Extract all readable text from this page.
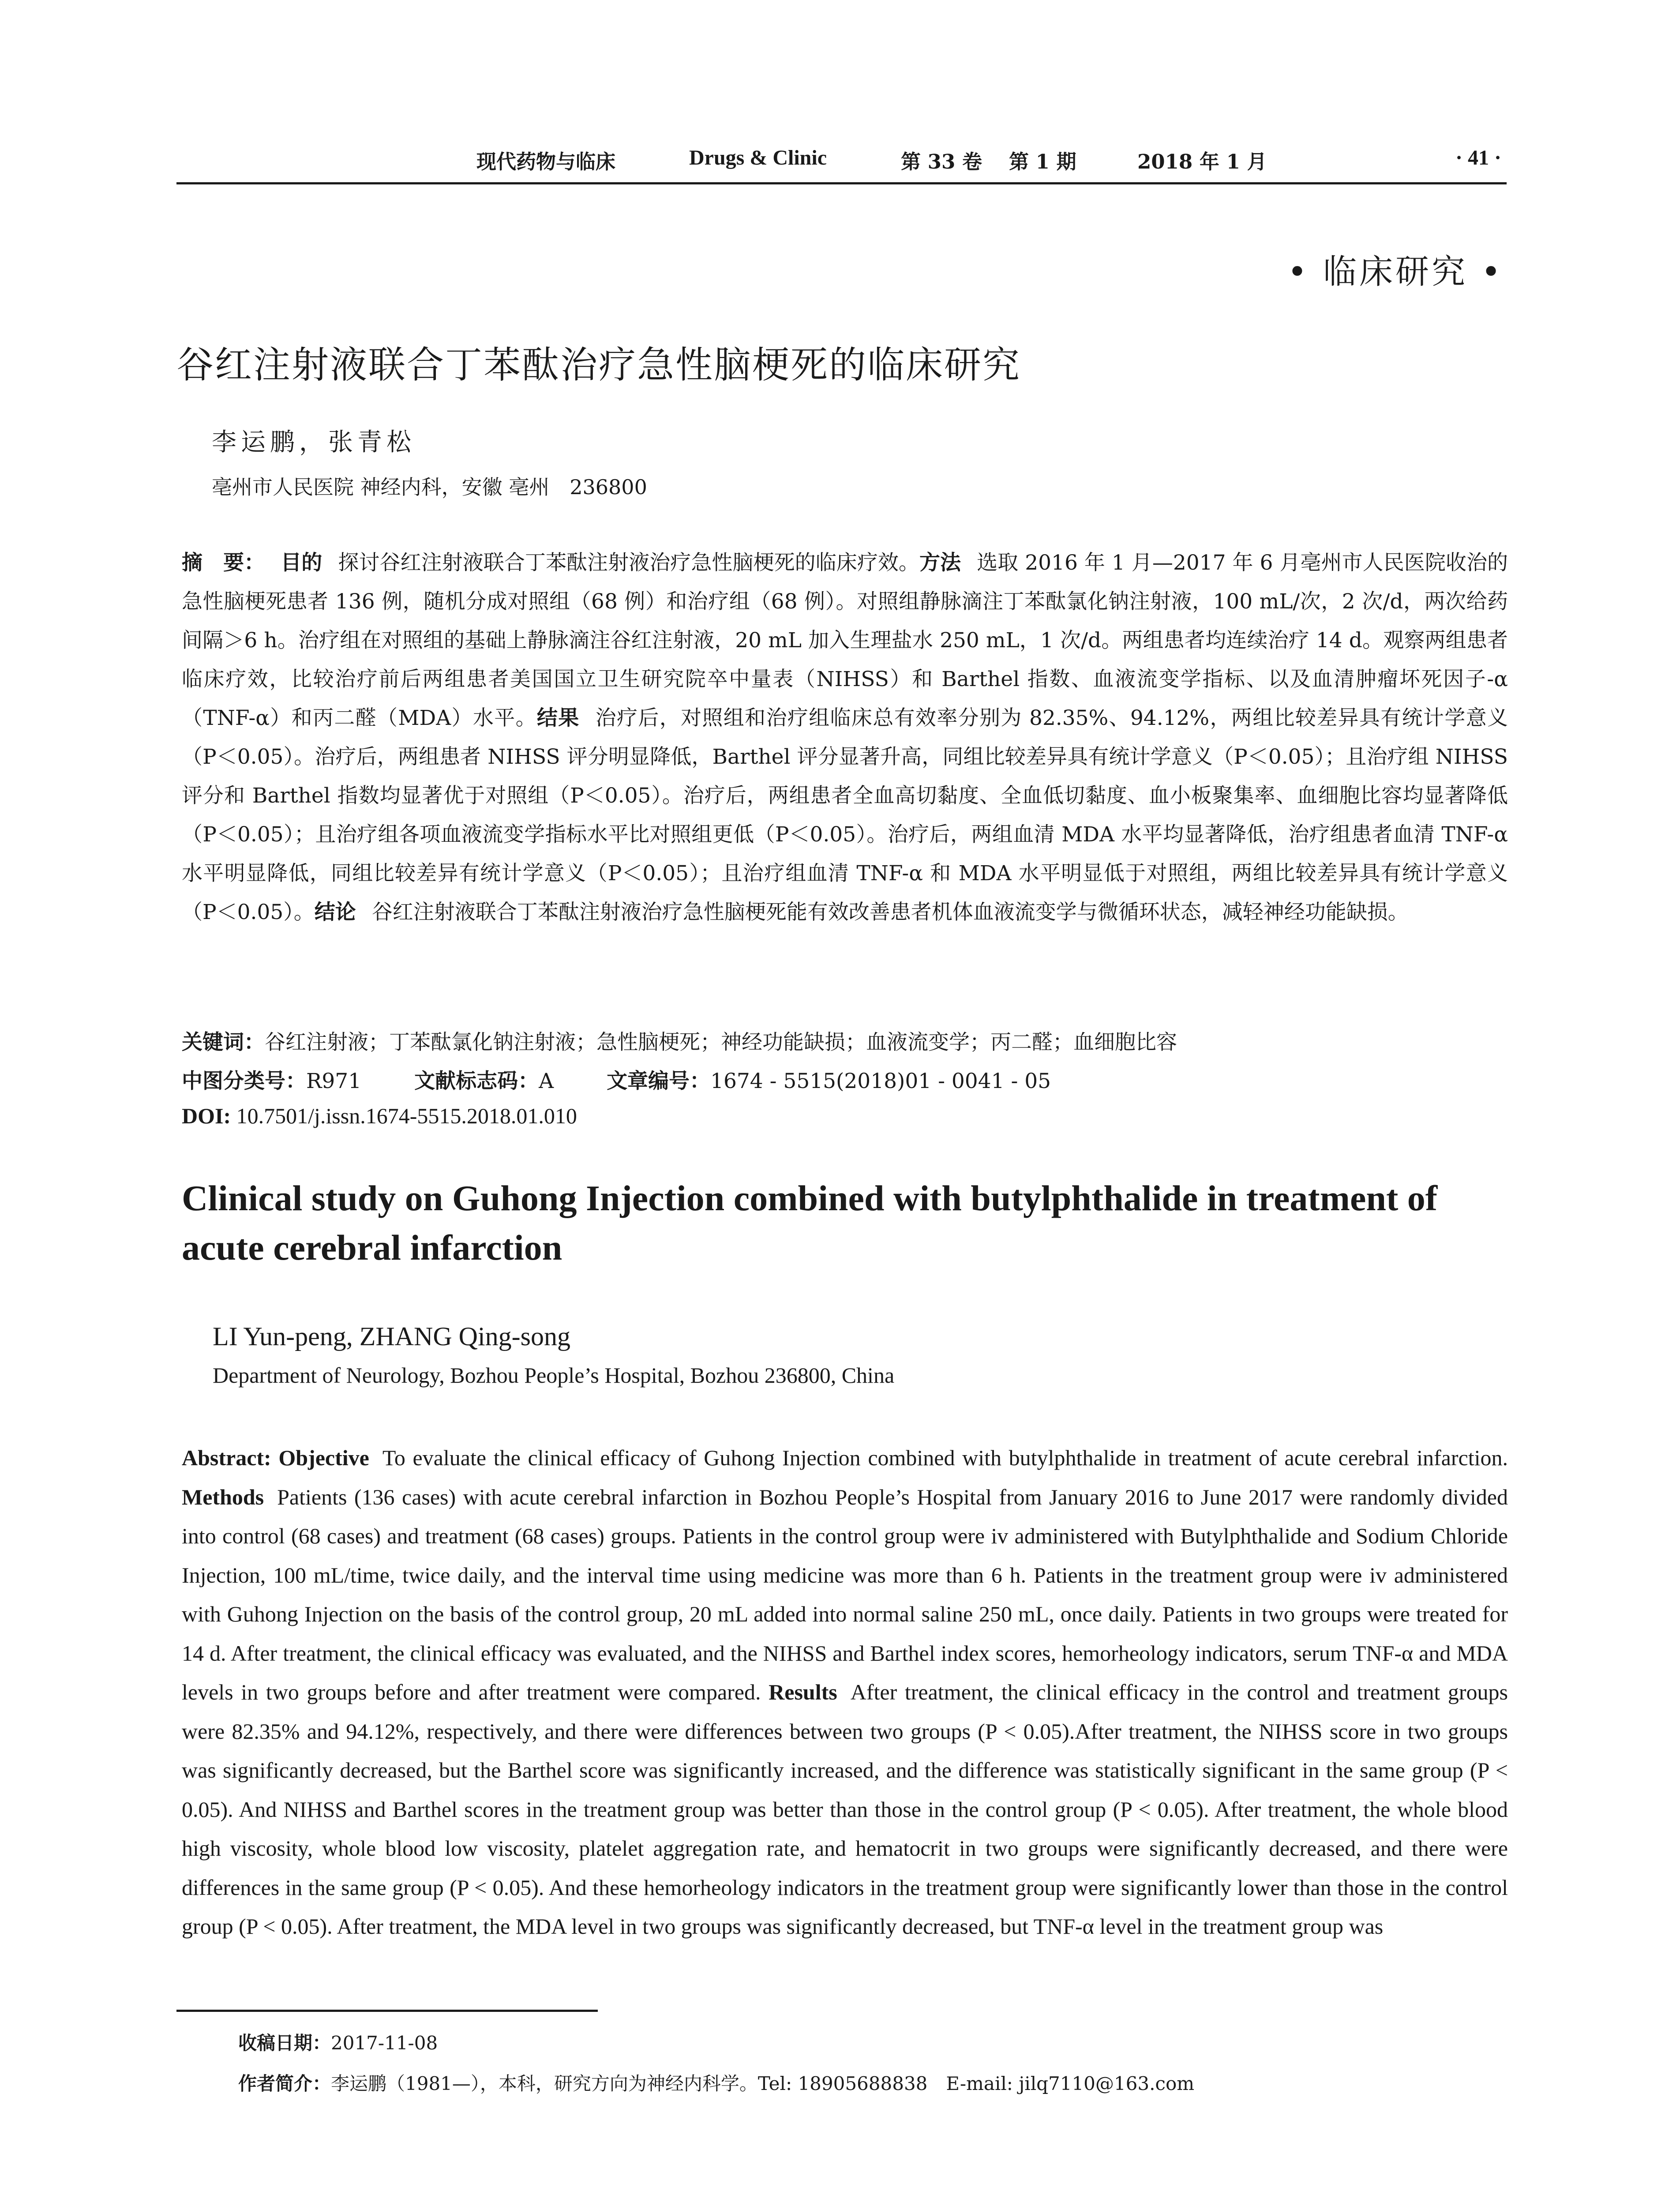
现代药物与临床	Drugs & Clinic	第 33 卷 第 1 期	2018 年 1 月	· 41 ·
• 临床研究 •
谷红注射液联合丁苯酞治疗急性脑梗死的临床研究
李运鹏，张青松
亳州市人民医院 神经内科，安徽 亳州　236800
摘　要： 目的 探讨谷红注射液联合丁苯酞注射液治疗急性脑梗死的临床疗效。方法 选取 2016 年 1 月—2017 年 6 月亳州市人民医院收治的急性脑梗死患者 136 例，随机分成对照组（68 例）和治疗组（68 例）。对照组静脉滴注丁苯酞氯化钠注射液，100 mL/次，2 次/d，两次给药间隔＞6 h。治疗组在对照组的基础上静脉滴注谷红注射液，20 mL 加入生理盐水 250 mL，1 次/d。两组患者均连续治疗 14 d。观察两组患者临床疗效，比较治疗前后两组患者美国国立卫生研究院卒中量表（NIHSS）和 Barthel 指数、血液流变学指标、以及血清肿瘤坏死因子-α（TNF-α）和丙二醛（MDA）水平。结果 治疗后，对照组和治疗组临床总有效率分别为 82.35%、94.12%，两组比较差异具有统计学意义（P＜0.05）。治疗后，两组患者 NIHSS 评分明显降低，Barthel 评分显著升高，同组比较差异具有统计学意义（P＜0.05）；且治疗组 NIHSS 评分和 Barthel 指数均显著优于对照组（P＜0.05）。治疗后，两组患者全血高切黏度、全血低切黏度、血小板聚集率、血细胞比容均显著降低（P＜0.05）；且治疗组各项血液流变学指标水平比对照组更低（P＜0.05）。治疗后，两组血清 MDA 水平均显著降低，治疗组患者血清 TNF-α 水平明显降低，同组比较差异有统计学意义（P＜0.05）；且治疗组血清 TNF-α 和 MDA 水平明显低于对照组，两组比较差异具有统计学意义（P＜0.05）。结论 谷红注射液联合丁苯酞注射液治疗急性脑梗死能有效改善患者机体血液流变学与微循环状态，减轻神经功能缺损。
关键词：谷红注射液；丁苯酞氯化钠注射液；急性脑梗死；神经功能缺损；血液流变学；丙二醛；血细胞比容
中图分类号：R971	文献标志码：A	文章编号：1674 - 5515(2018)01 - 0041 - 05
DOI: 10.7501/j.issn.1674-5515.2018.01.010
Clinical study on Guhong Injection combined with butylphthalide in treatment of acute cerebral infarction
LI Yun-peng, ZHANG Qing-song
Department of Neurology, Bozhou People’s Hospital, Bozhou 236800, China
Abstract: Objective To evaluate the clinical efficacy of Guhong Injection combined with butylphthalide in treatment of acute cerebral infarction. Methods Patients (136 cases) with acute cerebral infarction in Bozhou People’s Hospital from January 2016 to June 2017 were randomly divided into control (68 cases) and treatment (68 cases) groups. Patients in the control group were iv administered with Butylphthalide and Sodium Chloride Injection, 100 mL/time, twice daily, and the interval time using medicine was more than 6 h. Patients in the treatment group were iv administered with Guhong Injection on the basis of the control group, 20 mL added into normal saline 250 mL, once daily. Patients in two groups were treated for 14 d. After treatment, the clinical efficacy was evaluated, and the NIHSS and Barthel index scores, hemorheology indicators, serum TNF-α and MDA levels in two groups before and after treatment were compared. Results After treatment, the clinical efficacy in the control and treatment groups were 82.35% and 94.12%, respectively, and there were differences between two groups (P < 0.05).After treatment, the NIHSS score in two groups was significantly decreased, but the Barthel score was significantly increased, and the difference was statistically significant in the same group (P < 0.05). And NIHSS and Barthel scores in the treatment group was better than those in the control group (P < 0.05). After treatment, the whole blood high viscosity, whole blood low viscosity, platelet aggregation rate, and hematocrit in two groups were significantly decreased, and there were differences in the same group (P < 0.05). And these hemorheology indicators in the treatment group were significantly lower than those in the control group (P < 0.05). After treatment, the MDA level in two groups was significantly decreased, but TNF-α level in the treatment group was
收稿日期：2017-11-08
作者简介：李运鹏（1981—），本科，研究方向为神经内科学。Tel: 18905688838　E-mail: jilq7110@163.com
